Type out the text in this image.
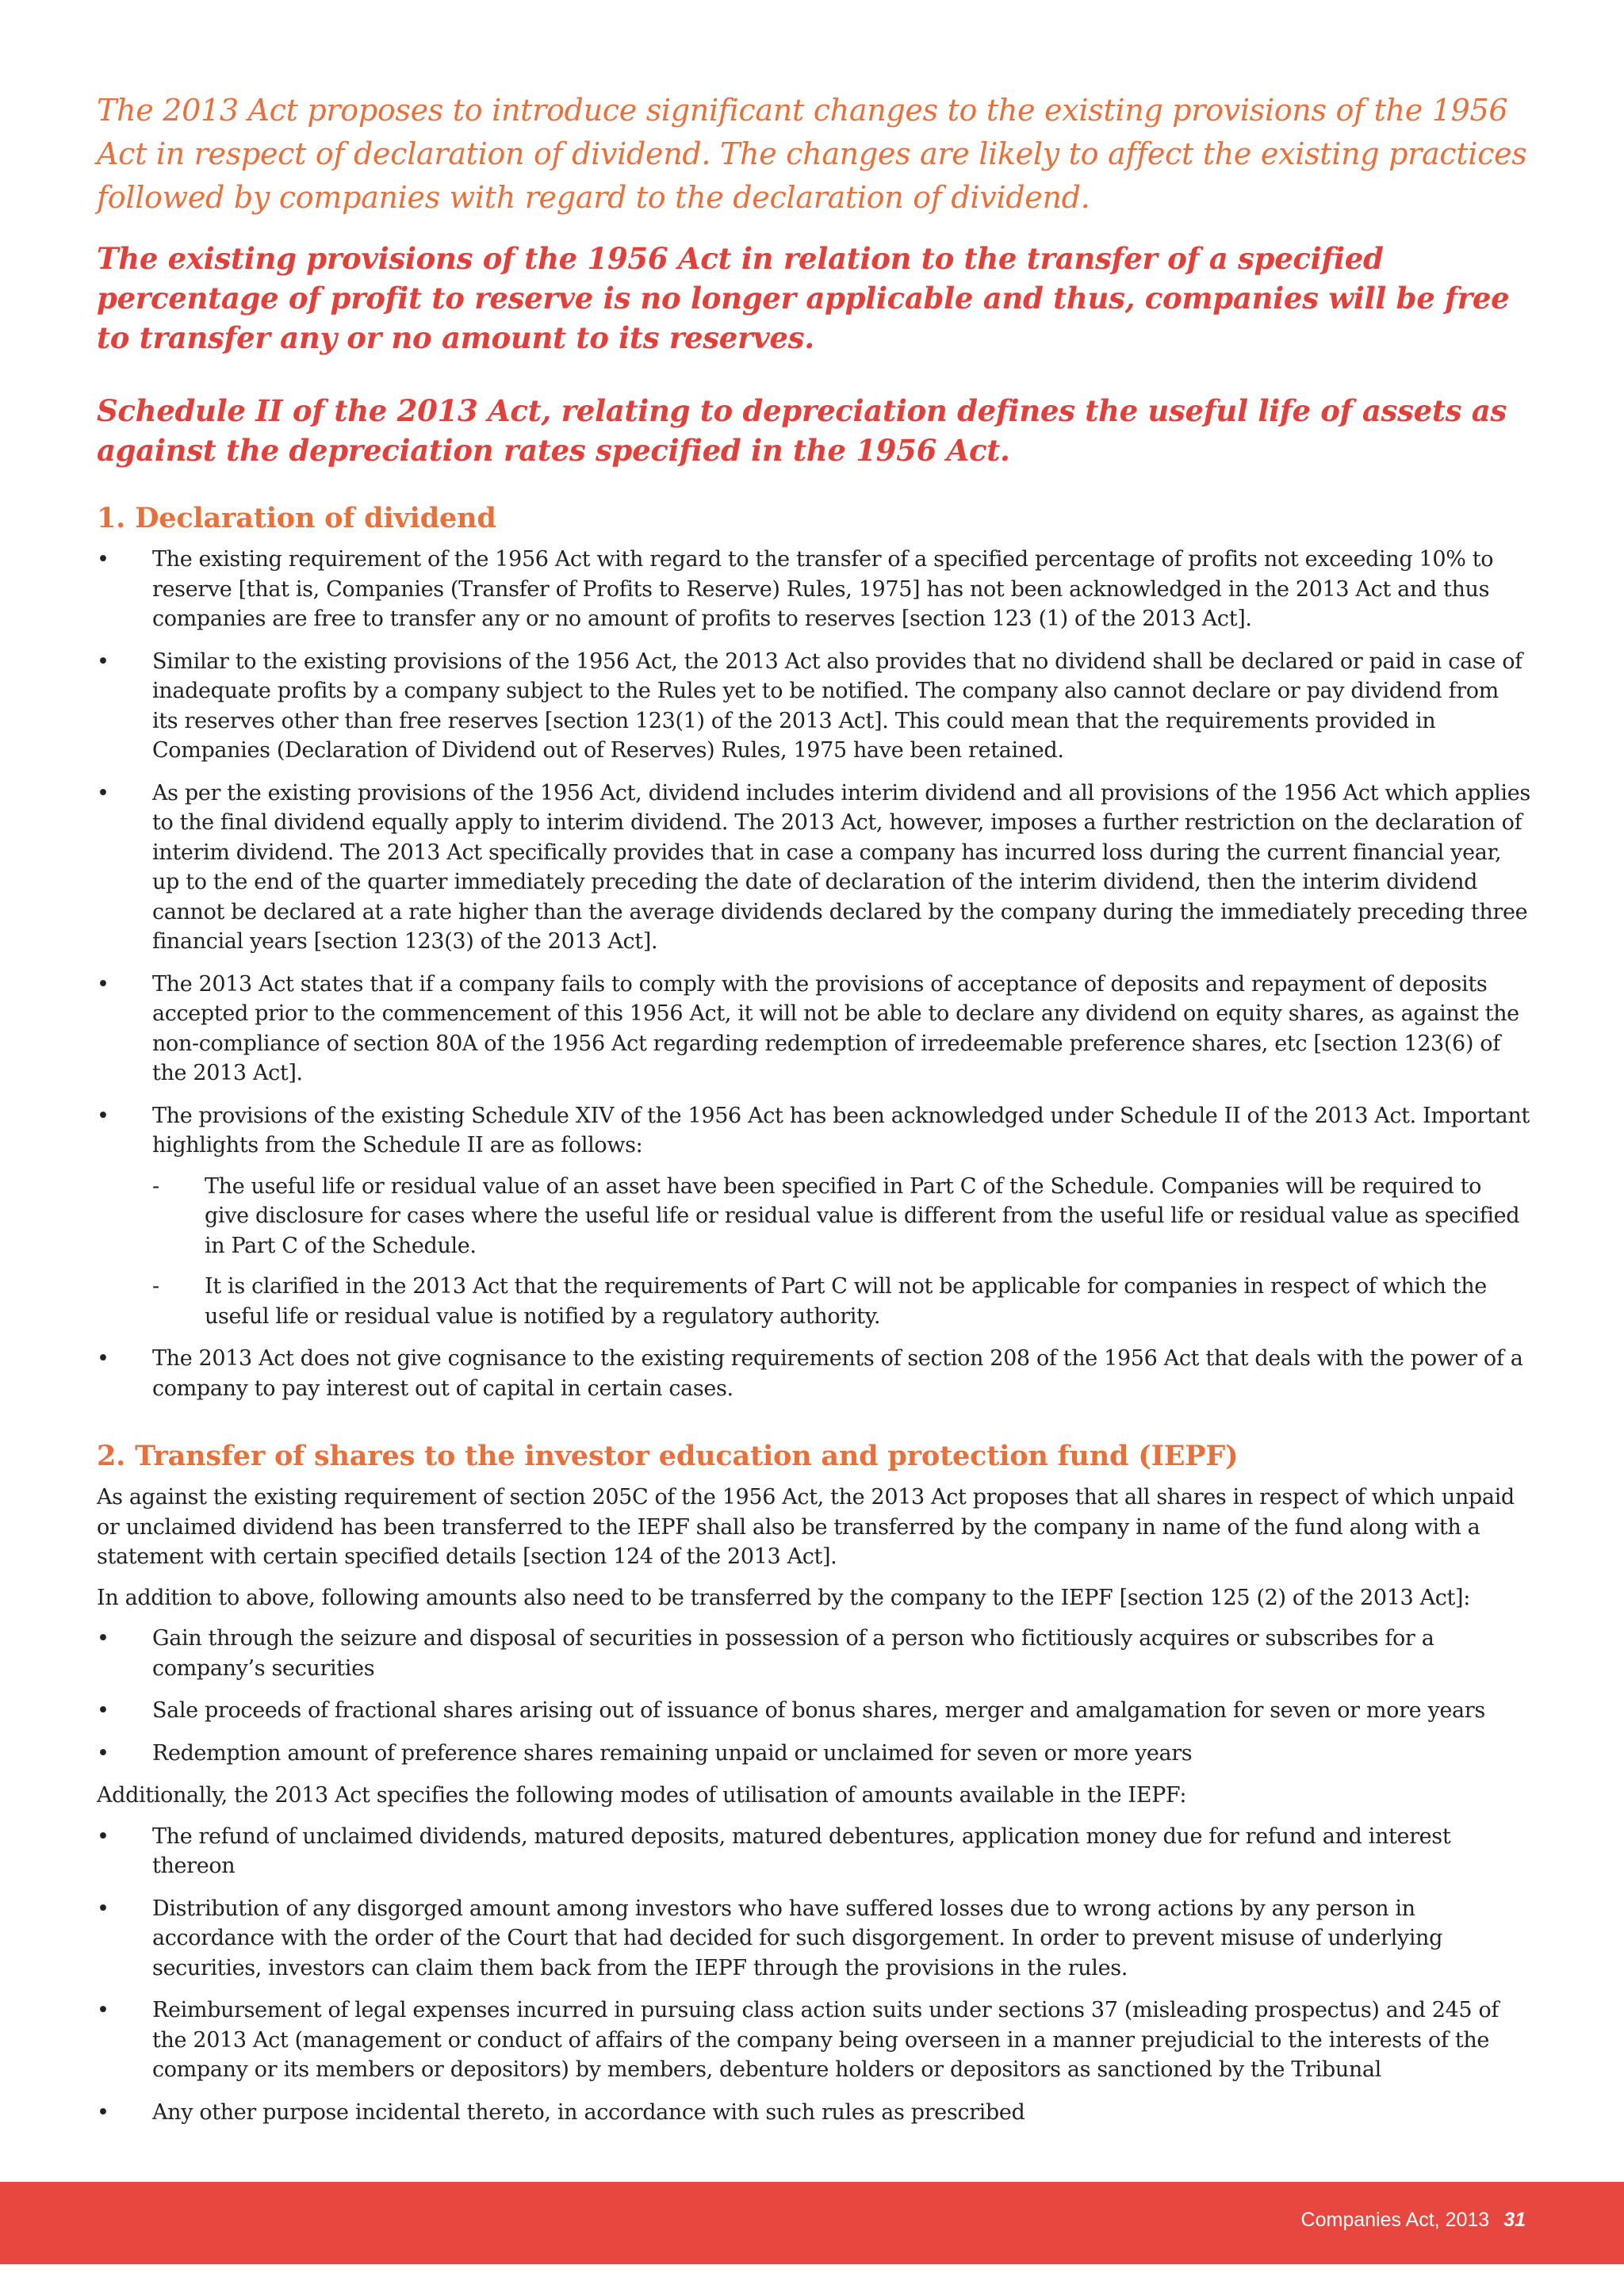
The 2013 Act proposes to introduce significant changes to the existing provisions of the 1956 Act in respect of declaration of dividend. The changes are likely to affect the existing practices followed by companies with regard to the declaration of dividend.

The existing provisions of the 1956 Act in relation to the transfer of a specified percentage of profit to reserve is no longer applicable and thus, companies will be free to transfer any or no amount to its reserves.

Schedule II of the 2013 Act, relating to depreciation defines the useful life of assets as against the depreciation rates specified in the 1956 Act.

1. Declaration of dividend
•	The existing requirement of the 1956 Act with regard to the transfer of a specified percentage of profits not exceeding 10% to reserve [that is, Companies (Transfer of Profits to Reserve) Rules, 1975] has not been acknowledged in the 2013 Act and thus companies are free to transfer any or no amount of profits to reserves [section 123 (1) of the 2013 Act].
•	Similar to the existing provisions of the 1956 Act, the 2013 Act also provides that no dividend shall be declared or paid in case of inadequate profits by a company subject to the Rules yet to be notified. The company also cannot declare or pay dividend from its reserves other than free reserves [section 123(1) of the 2013 Act]. This could mean that the requirements provided in Companies (Declaration of Dividend out of Reserves) Rules, 1975 have been retained.
•	As per the existing provisions of the 1956 Act, dividend includes interim dividend and all provisions of the 1956 Act which applies to the final dividend equally apply to interim dividend. The 2013 Act, however, imposes a further restriction on the declaration of interim dividend. The 2013 Act specifically provides that in case a company has incurred loss during the current financial year, up to the end of the quarter immediately preceding the date of declaration of the interim dividend, then the interim dividend cannot be declared at a rate higher than the average dividends declared by the company during the immediately preceding three financial years [section 123(3) of the 2013 Act].
•	The 2013 Act states that if a company fails to comply with the provisions of acceptance of deposits and repayment of deposits accepted prior to the commencement of this 1956 Act, it will not be able to declare any dividend on equity shares, as against the non-compliance of section 80A of the 1956 Act regarding redemption of irredeemable preference shares, etc [section 123(6) of the 2013 Act].
•	The provisions of the existing Schedule XIV of the 1956 Act has been acknowledged under Schedule II of the 2013 Act. Important highlights from the Schedule II are as follows:
- The useful life or residual value of an asset have been specified in Part C of the Schedule. Companies will be required to give disclosure for cases where the useful life or residual value is different from the useful life or residual value as specified in Part C of the Schedule.
- It is clarified in the 2013 Act that the requirements of Part C will not be applicable for companies in respect of which the useful life or residual value is notified by a regulatory authority.
•	The 2013 Act does not give cognisance to the existing requirements of section 208 of the 1956 Act that deals with the power of a company to pay interest out of capital in certain cases.
2. Transfer of shares to the investor education and protection fund (IEPF)

As against the existing requirement of section 205C of the 1956 Act, the 2013 Act proposes that all shares in respect of which unpaid or unclaimed dividend has been transferred to the IEPF shall also be transferred by the company in name of the fund along with a statement with certain specified details [section 124 of the 2013 Act].

In addition to above, following amounts also need to be transferred by the company to the IEPF [section 125 (2) of the 2013 Act]:

•	Gain through the seizure and disposal of securities in possession of a person who fictitiously acquires or subscribes for a company’s securities
•	Sale proceeds of fractional shares arising out of issuance of bonus shares, merger and amalgamation for seven or more years
•	Redemption amount of preference shares remaining unpaid or unclaimed for seven or more years

Additionally, the 2013 Act specifies the following modes of utilisation of amounts available in the IEPF:

•	The refund of unclaimed dividends, matured deposits, matured debentures, application money due for refund and interest thereon
•	Distribution of any disgorged amount among investors who have suffered losses due to wrong actions by any person in accordance with the order of the Court that had decided for such disgorgement. In order to prevent misuse of underlying securities, investors can claim them back from the IEPF through the provisions in the rules.
•	Reimbursement of legal expenses incurred in pursuing class action suits under sections 37 (misleading prospectus) and 245 of the 2013 Act (management or conduct of affairs of the company being overseen in a manner prejudicial to the interests of the company or its members or depositors) by members, debenture holders or depositors as sanctioned by the Tribunal
•	Any other purpose incidental thereto, in accordance with such rules as prescribed
Companies Act, 2013 31
